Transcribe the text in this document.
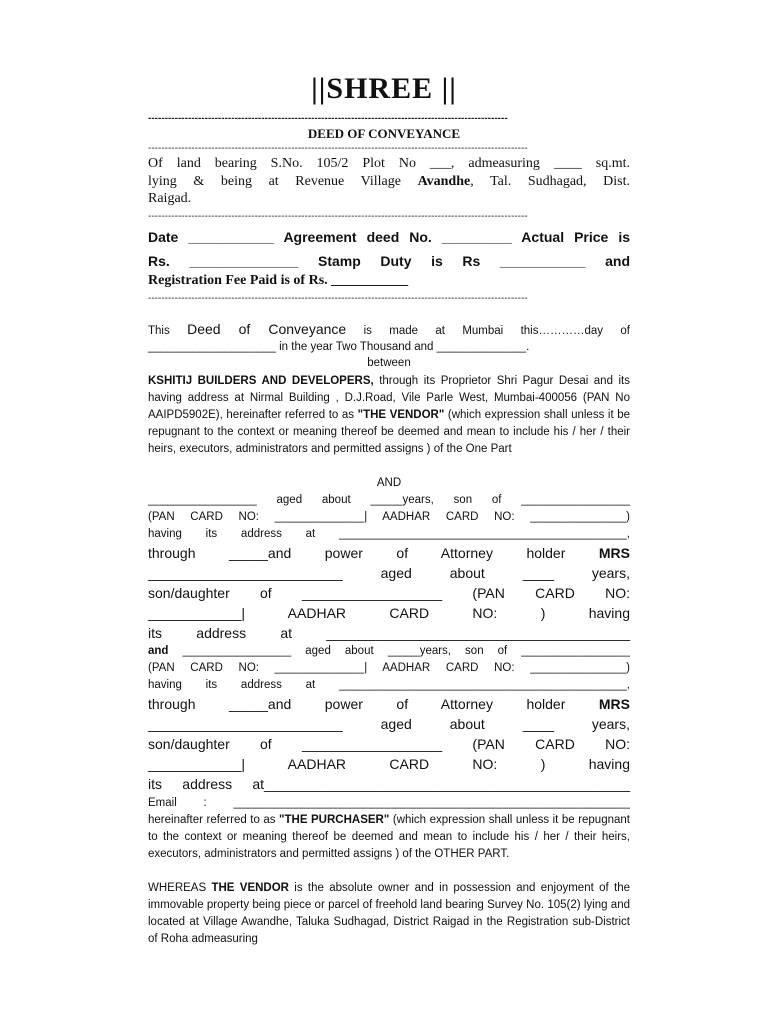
||SHREE ||
------------------------------------------------------------------------------------------------------------
DEED OF CONVEYANCE
------------------------------------------------------------------------------------------------------------------
Of land bearing S.No. 105/2 Plot No ___, admeasuring ____ sq.mt.
lying & being at Revenue Village Avandhe, Tal. Sudhagad, Dist.
Raigad.
------------------------------------------------------------------------------------------------------------------
Date ___________ Agreement deed No. _________ Actual Price is
Rs. ______________ Stamp Duty is Rs ___________ and
Registration Fee Paid is of Rs. ___________
------------------------------------------------------------------------------------------------------------------
This Deed of Conveyance is made at Mumbai this…………day of
____________________ in the year Two Thousand and ______________.
between

KSHITIJ BUILDERS AND DEVELOPERS, through its Proprietor Shri Pagur Desai and its having address at Nirmal Building , D.J.Road, Vile Parle West, Mumbai-400056 (PAN No AAIPD5902E), hereinafter referred to as "THE VENDOR" (which expression shall unless it be repugnant to the context or meaning thereof be deemed and mean to include his / her / their heirs, executors, administrators and permitted assigns ) of the One Part

AND
_________________ aged about _____years, son of _________________
(PAN CARD NO: ______________| AADHAR CARD NO: _______________)
having its address at _____________________________________________,
through _____and power of Attorney holder MRS
_________________________ aged about ____ years,
son/daughter of __________________ (PAN CARD NO:
____________| AADHAR CARD NO: ) having
its address at _______________________________________
and _________________ aged about _____years, son of _________________
(PAN CARD NO: ______________| AADHAR CARD NO: _______________)
having its address at _____________________________________________,
through _____and power of Attorney holder MRS
_________________________ aged about ____ years,
son/daughter of __________________ (PAN CARD NO:
____________| AADHAR CARD NO: ) having
its address at_______________________________________________
Email : ______________________________________________________________

hereinafter referred to as "THE PURCHASER" (which expression shall unless it be repugnant to the context or meaning thereof be deemed and mean to include his / her / their heirs, executors, administrators and permitted assigns ) of the OTHER PART.

WHEREAS THE VENDOR is the absolute owner and in possession and enjoyment of the immovable property being piece or parcel of freehold land bearing Survey No. 105(2) lying and located at Village Awandhe, Taluka Sudhagad, District Raigad in the Registration sub-District of Roha admeasuring
